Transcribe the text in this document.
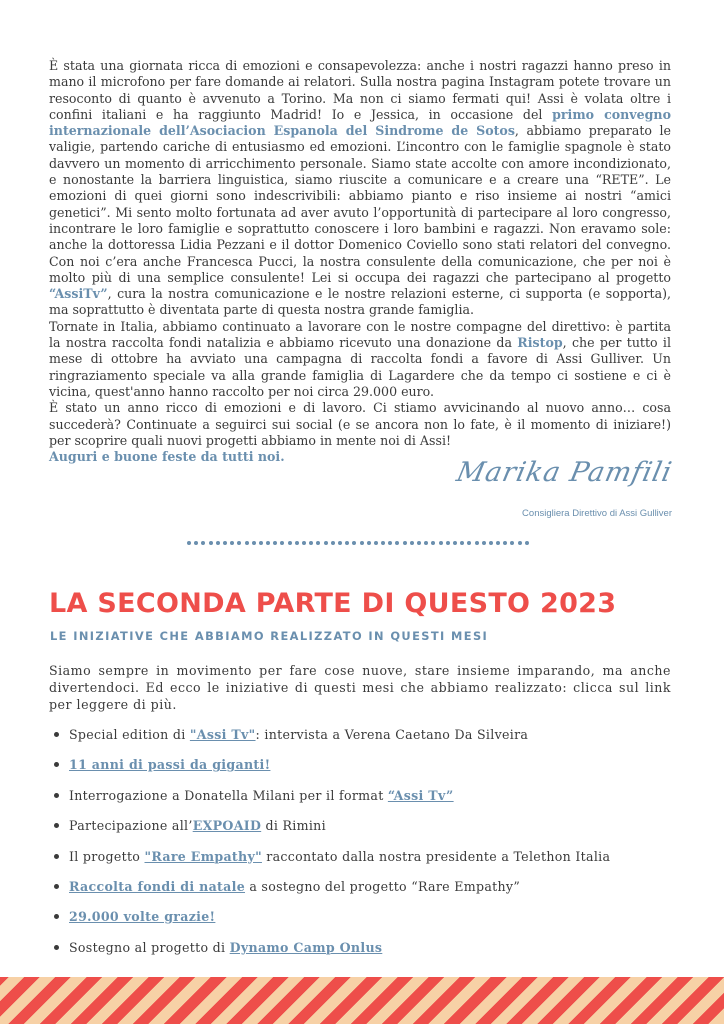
È stata una giornata ricca di emozioni e consapevolezza: anche i nostri ragazzi hanno preso in mano il microfono per fare domande ai relatori. Sulla nostra pagina Instagram potete trovare un resoconto di quanto è avvenuto a Torino. Ma non ci siamo fermati qui! Assi è volata oltre i confini italiani e ha raggiunto Madrid! Io e Jessica, in occasione del primo convegno internazionale dell’Asociacion Espanola del Sindrome de Sotos, abbiamo preparato le valigie, partendo cariche di entusiasmo ed emozioni. L’incontro con le famiglie spagnole è stato davvero un momento di arricchimento personale. Siamo state accolte con amore incondizionato, e nonostante la barriera linguistica, siamo riuscite a comunicare e a creare una “RETE”. Le emozioni di quei giorni sono indescrivibili: abbiamo pianto e riso insieme ai nostri “amici genetici”. Mi sento molto fortunata ad aver avuto l’opportunità di partecipare al loro congresso, incontrare le loro famiglie e soprattutto conoscere i loro bambini e ragazzi. Non eravamo sole: anche la dottoressa Lidia Pezzani e il dottor Domenico Coviello sono stati relatori del convegno. Con noi c’era anche Francesca Pucci, la nostra consulente della comunicazione, che per noi è molto più di una semplice consulente! Lei si occupa dei ragazzi che partecipano al progetto “AssiTv”, cura la nostra comunicazione e le nostre relazioni esterne, ci supporta (e sopporta), ma soprattutto è diventata parte di questa nostra grande famiglia.

Tornate in Italia, abbiamo continuato a lavorare con le nostre compagne del direttivo: è partita la nostra raccolta fondi natalizia e abbiamo ricevuto una donazione da Ristop, che per tutto il mese di ottobre ha avviato una campagna di raccolta fondi a favore di Assi Gulliver. Un ringraziamento speciale va alla grande famiglia di Lagardere che da tempo ci sostiene e ci è vicina, quest'anno hanno raccolto per noi circa 29.000 euro.

È stato un anno ricco di emozioni e di lavoro. Ci stiamo avvicinando al nuovo anno… cosa succederà? Continuate a seguirci sui social (e se ancora non lo fate, è il momento di iniziare!) per scoprire quali nuovi progetti abbiamo in mente noi di Assi!

Auguri e buone feste da tutti noi.

Marika Pamfili
Consigliera Direttivo di Assi Gulliver
LA SECONDA PARTE DI QUESTO 2023
LE INIZIATIVE CHE ABBIAMO REALIZZATO IN QUESTI MESI

Siamo sempre in movimento per fare cose nuove, stare insieme imparando, ma anche divertendoci. Ed ecco le iniziative di questi mesi che abbiamo realizzato: clicca sul link per leggere di più.

Special edition di "Assi Tv": intervista a Verena Caetano Da Silveira
11 anni di passi da giganti!
Interrogazione a Donatella Milani per il format “Assi Tv”
Partecipazione all’EXPOAID di Rimini
Il progetto "Rare Empathy" raccontato dalla nostra presidente a Telethon Italia
Raccolta fondi di natale a sostegno del progetto “Rare Empathy”
29.000 volte grazie!
Sostegno al progetto di Dynamo Camp Onlus
